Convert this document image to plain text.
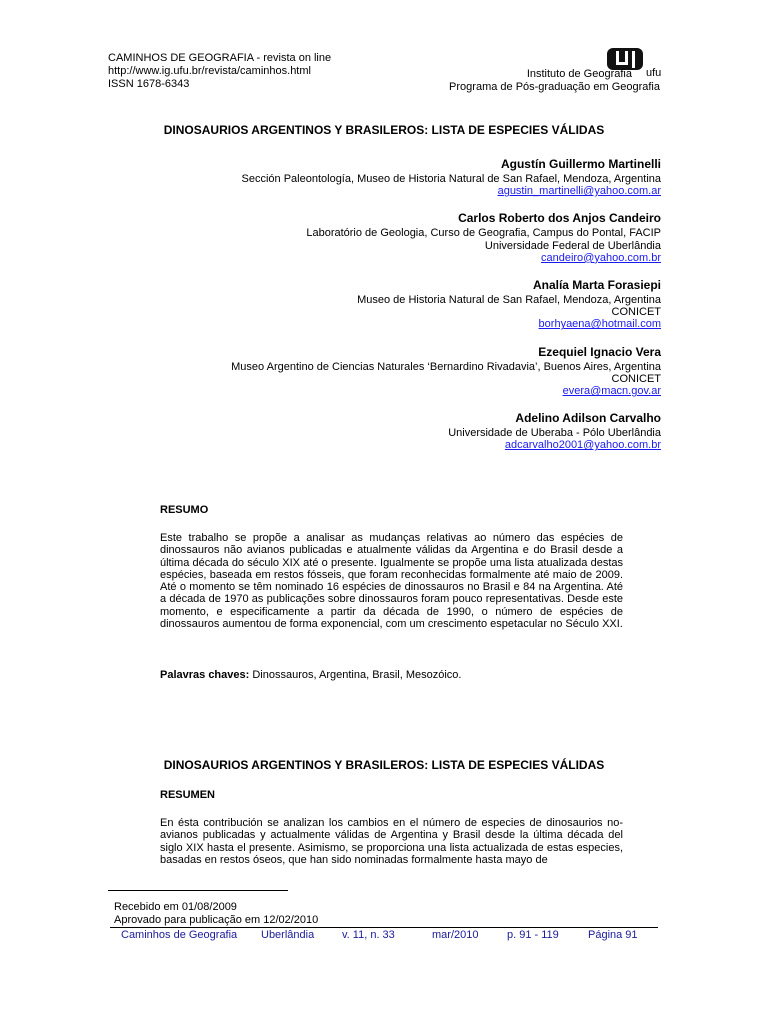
CAMINHOS DE GEOGRAFIA - revista on line
http://www.ig.ufu.br/revista/caminhos.html
ISSN 1678-6343
ufu
Instituto de Geografia
Programa de Pós-graduação em Geografia
DINOSAURIOS ARGENTINOS Y BRASILEROS: LISTA DE ESPECIES VÁLIDAS
Agustín Guillermo Martinelli
Sección Paleontología, Museo de Historia Natural de San Rafael, Mendoza, Argentina
agustin_martinelli@yahoo.com.ar
Carlos Roberto dos Anjos Candeiro
Laboratório de Geologia, Curso de Geografia, Campus do Pontal, FACIP
Universidade Federal de Uberlândia
candeiro@yahoo.com.br
Analía Marta Forasiepi
Museo de Historia Natural de San Rafael, Mendoza, Argentina
CONICET
borhyaena@hotmail.com
Ezequiel Ignacio Vera
Museo Argentino de Ciencias Naturales ‘Bernardino Rivadavia’, Buenos Aires, Argentina
CONICET
evera@macn.gov.ar
Adelino Adilson Carvalho
Universidade de Uberaba - Pólo Uberlândia
adcarvalho2001@yahoo.com.br
RESUMO
Este trabalho se propõe a analisar as mudanças relativas ao número das espécies de dinossauros não avianos publicadas e atualmente válidas da Argentina e do Brasil desde a última década do século XIX até o presente. Igualmente se propõe uma lista atualizada destas espécies, baseada em restos fósseis, que foram reconhecidas formalmente até maio de 2009. Até o momento se têm nominado 16 espécies de dinossauros no Brasil e 84 na Argentina. Até a década de 1970 as publicações sobre dinossauros foram pouco representativas. Desde este momento, e especificamente a partir da década de 1990, o número de espécies de dinossauros aumentou de forma exponencial, com um crescimento espetacular no Século XXI.
Palavras chaves: Dinossauros, Argentina, Brasil, Mesozóico.
DINOSAURIOS ARGENTINOS Y BRASILEROS: LISTA DE ESPECIES VÁLIDAS
RESUMEN
En ésta contribución se analizan los cambios en el número de especies de dinosaurios no-avianos publicadas y actualmente válidas de Argentina y Brasil desde la última década del siglo XIX hasta el presente. Asimismo, se proporciona una lista actualizada de estas especies, basadas en restos óseos, que han sido nominadas formalmente hasta mayo de
Recebido em 01/08/2009
Aprovado para publicação em 12/02/2010
Caminhos de Geografia Uberlândia	v. 11, n. 33	mar/2010	p. 91 - 119	Página 91
